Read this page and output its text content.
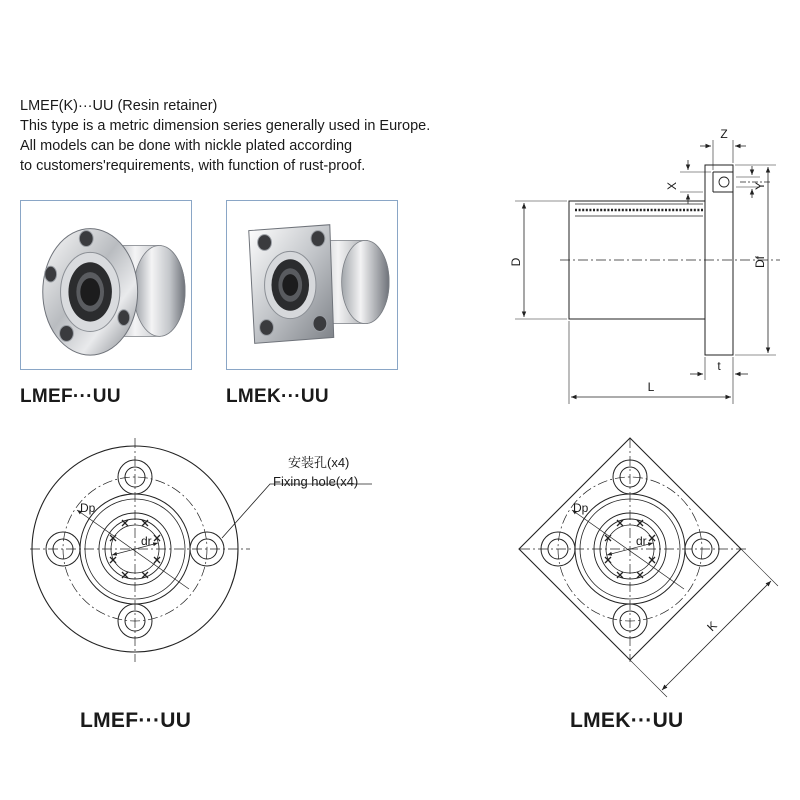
LMEF(K)···UU (Resin retainer)
This type is a metric dimension series generally used in Europe.
All models can be done with nickle plated according
to customers'requirements, with function of rust-proof.
LMEF···UU	LMEK···UU
Z
X	Y
D	Df
L
t
Dp
dr
安装孔(x4)
Fixing hole(x4)
Dp
dr
K
LMEF···UU	LMEK···UU
